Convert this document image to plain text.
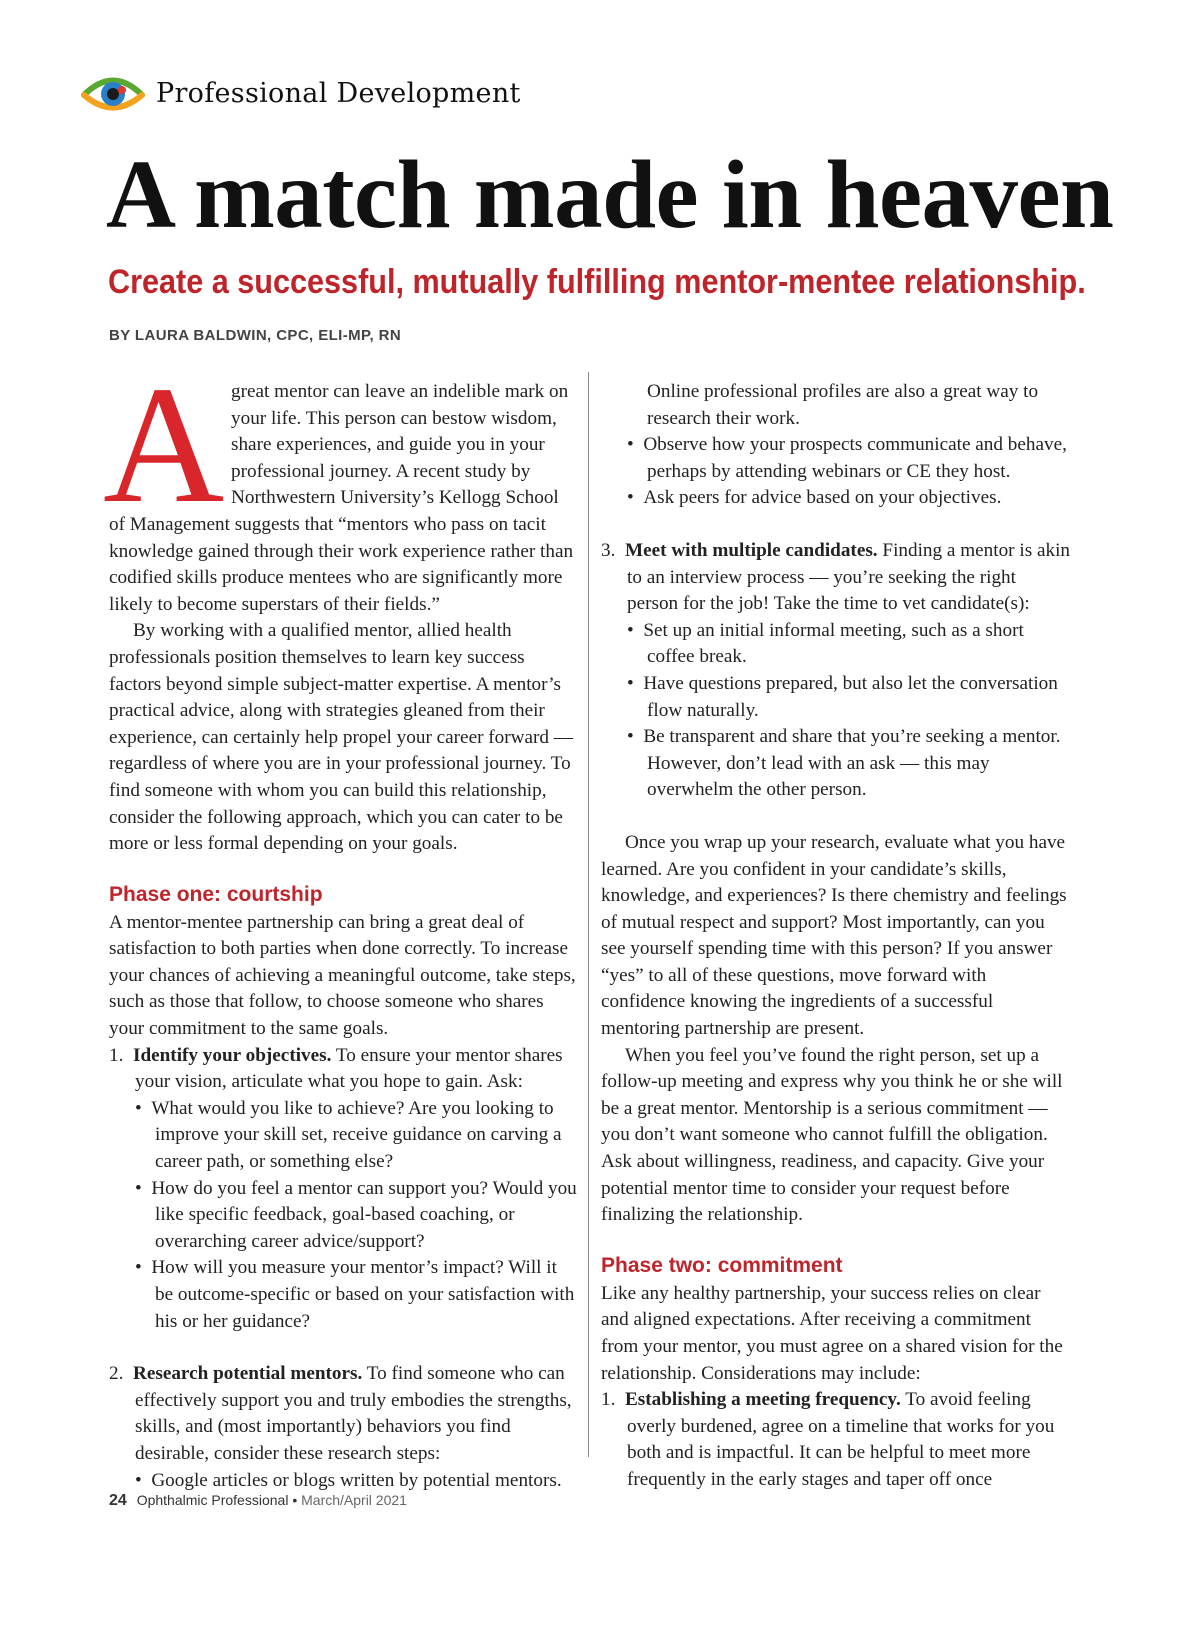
Professional Development
A match made in heaven
Create a successful, mutually fulfilling mentor-mentee relationship.
BY LAURA BALDWIN, CPC, ELI-MP, RN

Agreat mentor can leave an indelible mark on your life. This person can bestow wisdom, share experiences, and guide you in your professional journey. A recent study by Northwestern University’s Kellogg School of Management suggests that “mentors who pass on tacit knowledge gained through their work experience rather than codified skills produce mentees who are significantly more likely to become superstars of their fields.”

By working with a qualified mentor, allied health professionals position themselves to learn key success factors beyond simple subject-matter expertise. A mentor’s practical advice, along with strategies gleaned from their experience, can certainly help propel your career forward — regardless of where you are in your professional journey. To find someone with whom you can build this relationship, consider the following approach, which you can cater to be more or less formal depending on your goals.

Phase one: courtship

A mentor-mentee partnership can bring a great deal of satisfaction to both parties when done correctly. To increase your chances of achieving a meaningful outcome, take steps, such as those that follow, to choose someone who shares your commitment to the same goals.

1. Identify your objectives. To ensure your mentor shares your vision, articulate what you hope to gain. Ask:

•  What would you like to achieve? Are you looking to improve your skill set, receive guidance on carving a career path, or something else?

•  How do you feel a mentor can support you? Would you like specific feedback, goal-based coaching, or overarching career advice/support?

•  How will you measure your mentor’s impact? Will it be outcome-specific or based on your satisfaction with his or her guidance?

2. Research potential mentors. To find someone who can effectively support you and truly embodies the strengths, skills, and (most importantly) behaviors you find desirable, consider these research steps:

•  Google articles or blogs written by potential mentors.

Online professional profiles are also a great way to research their work.

•  Observe how your prospects communicate and behave, perhaps by attending webinars or CE they host.

•  Ask peers for advice based on your objectives.

3. Meet with multiple candidates. Finding a mentor is akin to an interview process — you’re seeking the right person for the job! Take the time to vet candidate(s):

•  Set up an initial informal meeting, such as a short coffee break.

•  Have questions prepared, but also let the conversation flow naturally.

•  Be transparent and share that you’re seeking a mentor. However, don’t lead with an ask — this may overwhelm the other person.

Once you wrap up your research, evaluate what you have learned. Are you confident in your candidate’s skills, knowledge, and experiences? Is there chemistry and feelings of mutual respect and support? Most importantly, can you see yourself spending time with this person? If you answer “yes” to all of these questions, move forward with confidence knowing the ingredients of a successful mentoring partnership are present.

When you feel you’ve found the right person, set up a follow-up meeting and express why you think he or she will be a great mentor. Mentorship is a serious commitment — you don’t want someone who cannot fulfill the obligation. Ask about willingness, readiness, and capacity. Give your potential mentor time to consider your request before finalizing the relationship.

Phase two: commitment

Like any healthy partnership, your success relies on clear and aligned expectations. After receiving a commitment from your mentor, you must agree on a shared vision for the relationship. Considerations may include:

1. Establishing a meeting frequency. To avoid feeling overly burdened, agree on a timeline that works for you both and is impactful. It can be helpful to meet more frequently in the early stages and taper off once

24 Ophthalmic Professional • March/April 2021
